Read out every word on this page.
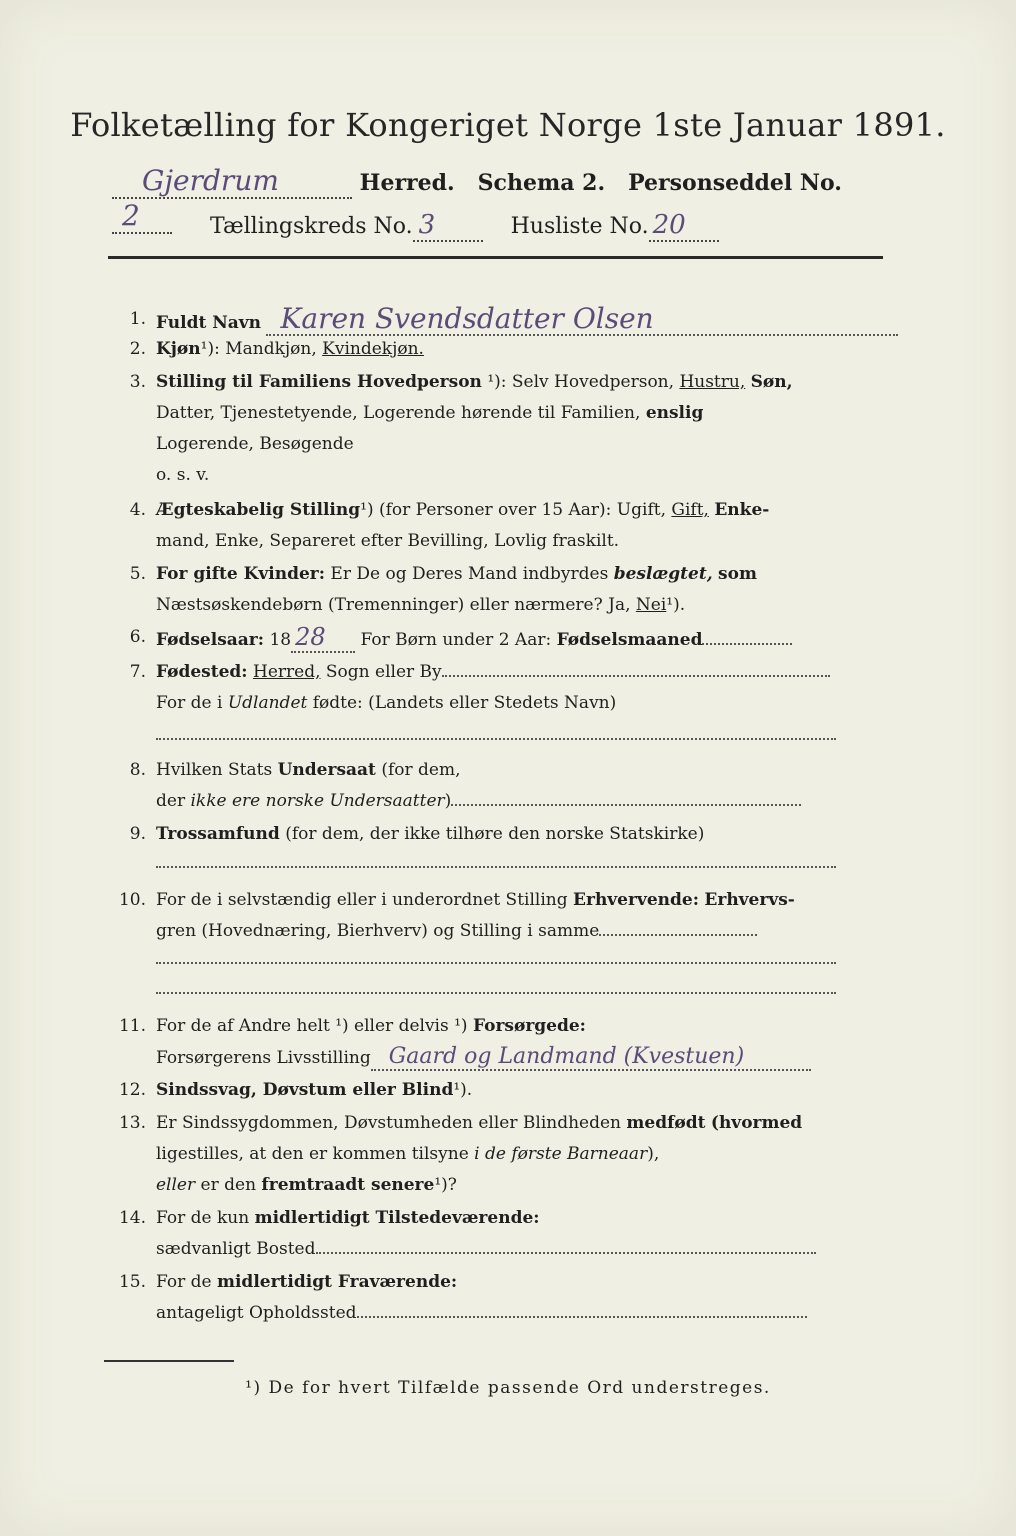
Folketælling for Kongeriget Norge 1ste Januar 1891.
Gjerdrum	Herred. Schema 2. Personseddel No. 2	Tællingskreds No. 3	Husliste No. 20
1. Fuldt Navn Karen Svendsdatter Olsen
2. Kjøn¹): Mandkjøn, Kvindekjøn.
3. Stilling til Familiens Hovedperson ¹): Selv Hovedperson, Hustru, Søn,
Datter, Tjenestetyende, Logerende hørende til Familien, enslig
Logerende, Besøgende
o. s. v.
4. Ægteskabelig Stilling¹) (for Personer over 15 Aar): Ugift, Gift, Enke-
mand, Enke, Separeret efter Bevilling, Lovlig fraskilt.
5. For gifte Kvinder: Er De og Deres Mand indbyrdes beslægtet, som
Næstsøskendebørn (Tremenninger) eller nærmere? Ja, Nei¹).
6. Fødselsaar: 18 28 For Børn under 2 Aar: Fødselsmaaned
7. Fødested: Herred, Sogn eller By
For de i Udlandet fødte: (Landets eller Stedets Navn)
8. Hvilken Stats Undersaat (for dem,
der ikke ere norske Undersaatter)
9. Trossamfund (for dem, der ikke tilhøre den norske Statskirke)
10. For de i selvstændig eller i underordnet Stilling Erhvervende: Erhvervs-
gren (Hovednæring, Bierhverv) og Stilling i samme
11. For de af Andre helt ¹) eller delvis ¹) Forsørgede:
Forsørgerens Livsstilling Gaard og Landmand (Kvestuen)
12. Sindssvag, Døvstum eller Blind¹).
13. Er Sindssygdommen, Døvstumheden eller Blindheden medfødt (hvormed
ligestilles, at den er kommen tilsyne i de første Barneaar),
eller er den fremtraadt senere¹)?
14. For de kun midlertidigt Tilstedeværende:
sædvanligt Bosted
15. For de midlertidigt Fraværende:
antageligt Opholdssted
¹) De for hvert Tilfælde passende Ord understreges.
